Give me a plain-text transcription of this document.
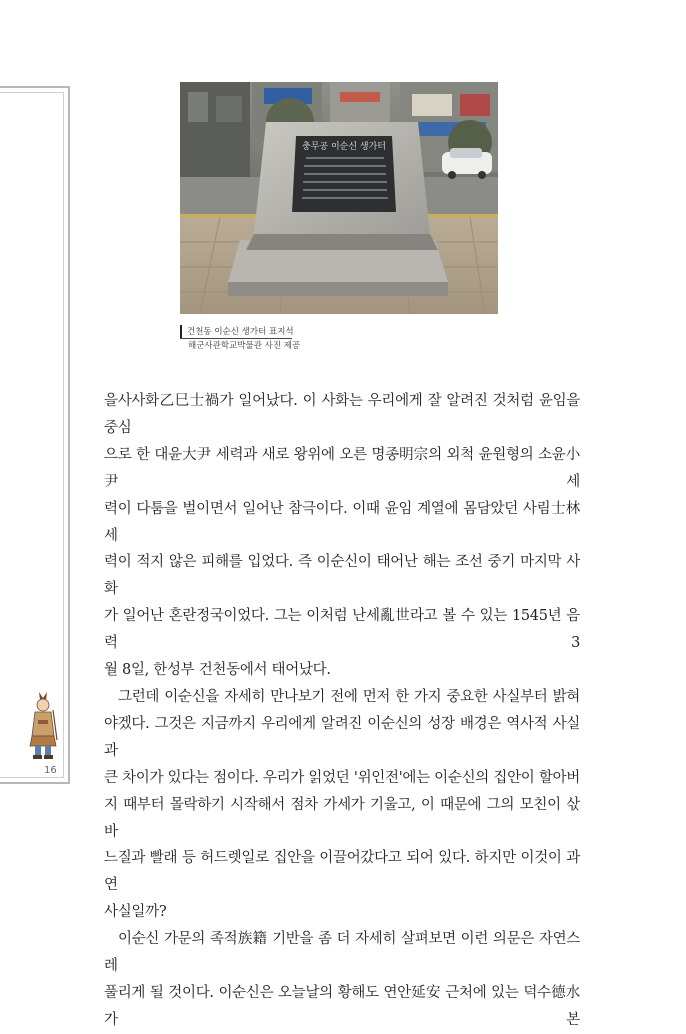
충무공 이순신 생가터
건천동 이순신 생가터 표지석
해군사관학교박물관 사진 제공

을사사화乙巳士禍가 일어났다. 이 사화는 우리에게 잘 알려진 것처럼 윤임을 중심

으로 한 대윤大尹 세력과 새로 왕위에 오른 명종明宗의 외척 윤원형의 소윤小尹 세

력이 다툼을 벌이면서 일어난 참극이다. 이때 윤임 계열에 몸담았던 사림士林 세

력이 적지 않은 피해를 입었다. 즉 이순신이 태어난 해는 조선 중기 마지막 사화

가 일어난 혼란정국이었다. 그는 이처럼 난세亂世라고 볼 수 있는 1545년 음력 3

월 8일, 한성부 건천동에서 태어났다.

그런데 이순신을 자세히 만나보기 전에 먼저 한 가지 중요한 사실부터 밝혀

야겠다. 그것은 지금까지 우리에게 알려진 이순신의 성장 배경은 역사적 사실과

큰 차이가 있다는 점이다. 우리가 읽었던 '위인전'에는 이순신의 집안이 할아버

지 때부터 몰락하기 시작해서 점차 가세가 기울고, 이 때문에 그의 모친이 삯바

느질과 빨래 등 허드렛일로 집안을 이끌어갔다고 되어 있다. 하지만 이것이 과연

사실일까?

이순신 가문의 족적族籍 기반을 좀 더 자세히 살펴보면 이런 의문은 자연스레

풀리게 될 것이다. 이순신은 오늘날의 황해도 연안延安 근처에 있는 덕수德水가 본

16
